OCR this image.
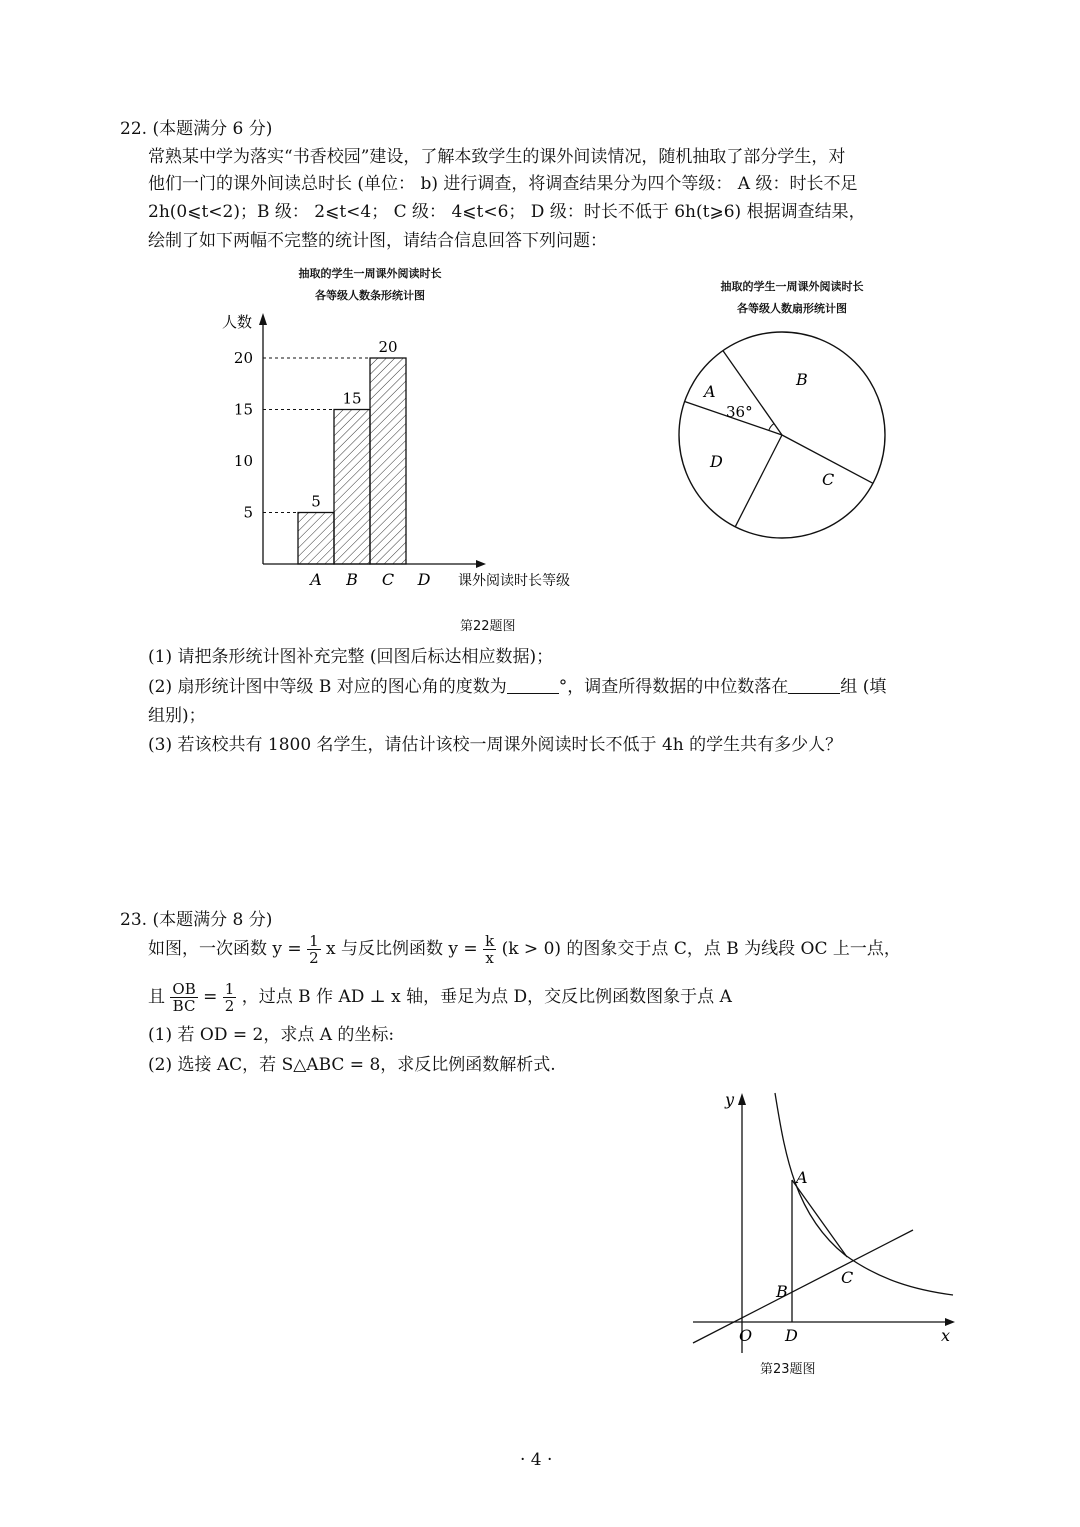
22. (本题满分 6 分)
常熟某中学为落实“书香校园”建设，了解本致学生的课外间读情况，随机抽取了部分学生，对
他们一门的课外间读总时长 (单位： b) 进行调查，将调查结果分为四个等级： A 级：时长不足
2h(0⩽t<2)；B 级： 2⩽t<4； C 级： 4⩽t<6； D 级：时长不低于 6h(t⩾6) 根据调查结果，
绘制了如下两幅不完整的统计图，请结合信息回答下列问题：
抽取的学生一周课外阅读时长
各等级人数条形统计图
人数
课外阅读时长等级
5
10
15
20
A
5
B
15
C
20
D
抽取的学生一周课外阅读时长
各等级人数扇形统计图
A
B
C
D
36°
第22题图
(1) 请把条形统计图补充完整 (回图后标达相应数据)；
(2) 扇形统计图中等级 B 对应的图心角的度数为	°，调查所得数据的中位数落在	组 (填
组别)；
(3) 若该校共有 1800 名学生，请估计该校一周课外阅读时长不低于 4h 的学生共有多少人？
23. (本题满分 8 分)
如图，一次函数 $y = \frac{1}{2}$ x 与反比例函数 $y = \frac{k}{x} (k > 0)$ 的图象交于点 C，点 B 为线段 OC 上一点，
且 $\frac{OB}{BC} = \frac{1}{2}$ ，过点 B 作 AD ⊥ x 轴，垂足为点 D，交反比例函数图象于点 A
(1) 若 OD = 2，求点 A 的坐标:
(2) 选接 AC，若 S△ABC = 8，求反比例函数解析式.
y
x
O D
A
B
C
第23题图
· 4 ·
